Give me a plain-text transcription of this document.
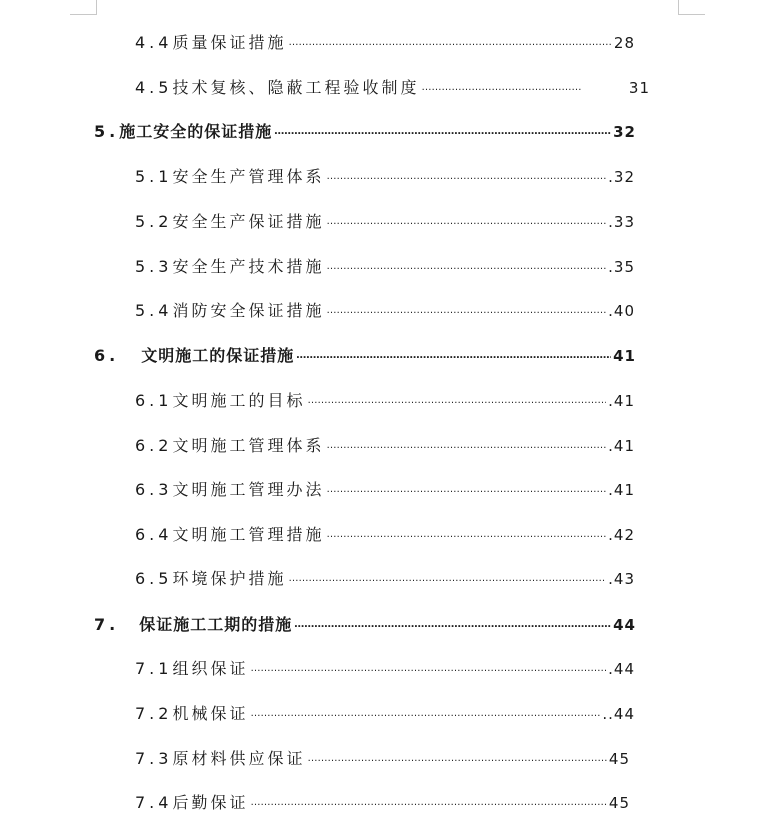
4.4 质量保证措施 ………………………………………………………………………………………………………………………………………………	28
4.5 技术复核、隐蔽工程验收制度 ………………………………………………………………………………………………………………………………………………	31
5. 施工安全的保证措施 ………………………………………………………………………………………………………………………………………………	32
5.1 安全生产管理体系 ………………………………………………………………………………………………………………………………………………	.32
5.2 安全生产保证措施 ………………………………………………………………………………………………………………………………………………	.33
5.3 安全生产技术措施 ………………………………………………………………………………………………………………………………………………	.35
5.4 消防安全保证措施 ………………………………………………………………………………………………………………………………………………	.40
6. 文明施工的保证措施 ………………………………………………………………………………………………………………………………………………	41
6.1 文明施工的目标 ………………………………………………………………………………………………………………………………………………	.41
6.2 文明施工管理体系 ………………………………………………………………………………………………………………………………………………	.41
6.3 文明施工管理办法 ………………………………………………………………………………………………………………………………………………	.41
6.4 文明施工管理措施 ………………………………………………………………………………………………………………………………………………	.42
6.5 环境保护措施 ………………………………………………………………………………………………………………………………………………	.43
7. 保证施工工期的措施 ………………………………………………………………………………………………………………………………………………	44
7.1 组织保证 ………………………………………………………………………………………………………………………………………………	.44
7.2 机械保证 ………………………………………………………………………………………………………………………………………………	..44
7.3 原材料供应保证 ………………………………………………………………………………………………………………………………………………	45
7.4 后勤保证 ………………………………………………………………………………………………………………………………………………	45
